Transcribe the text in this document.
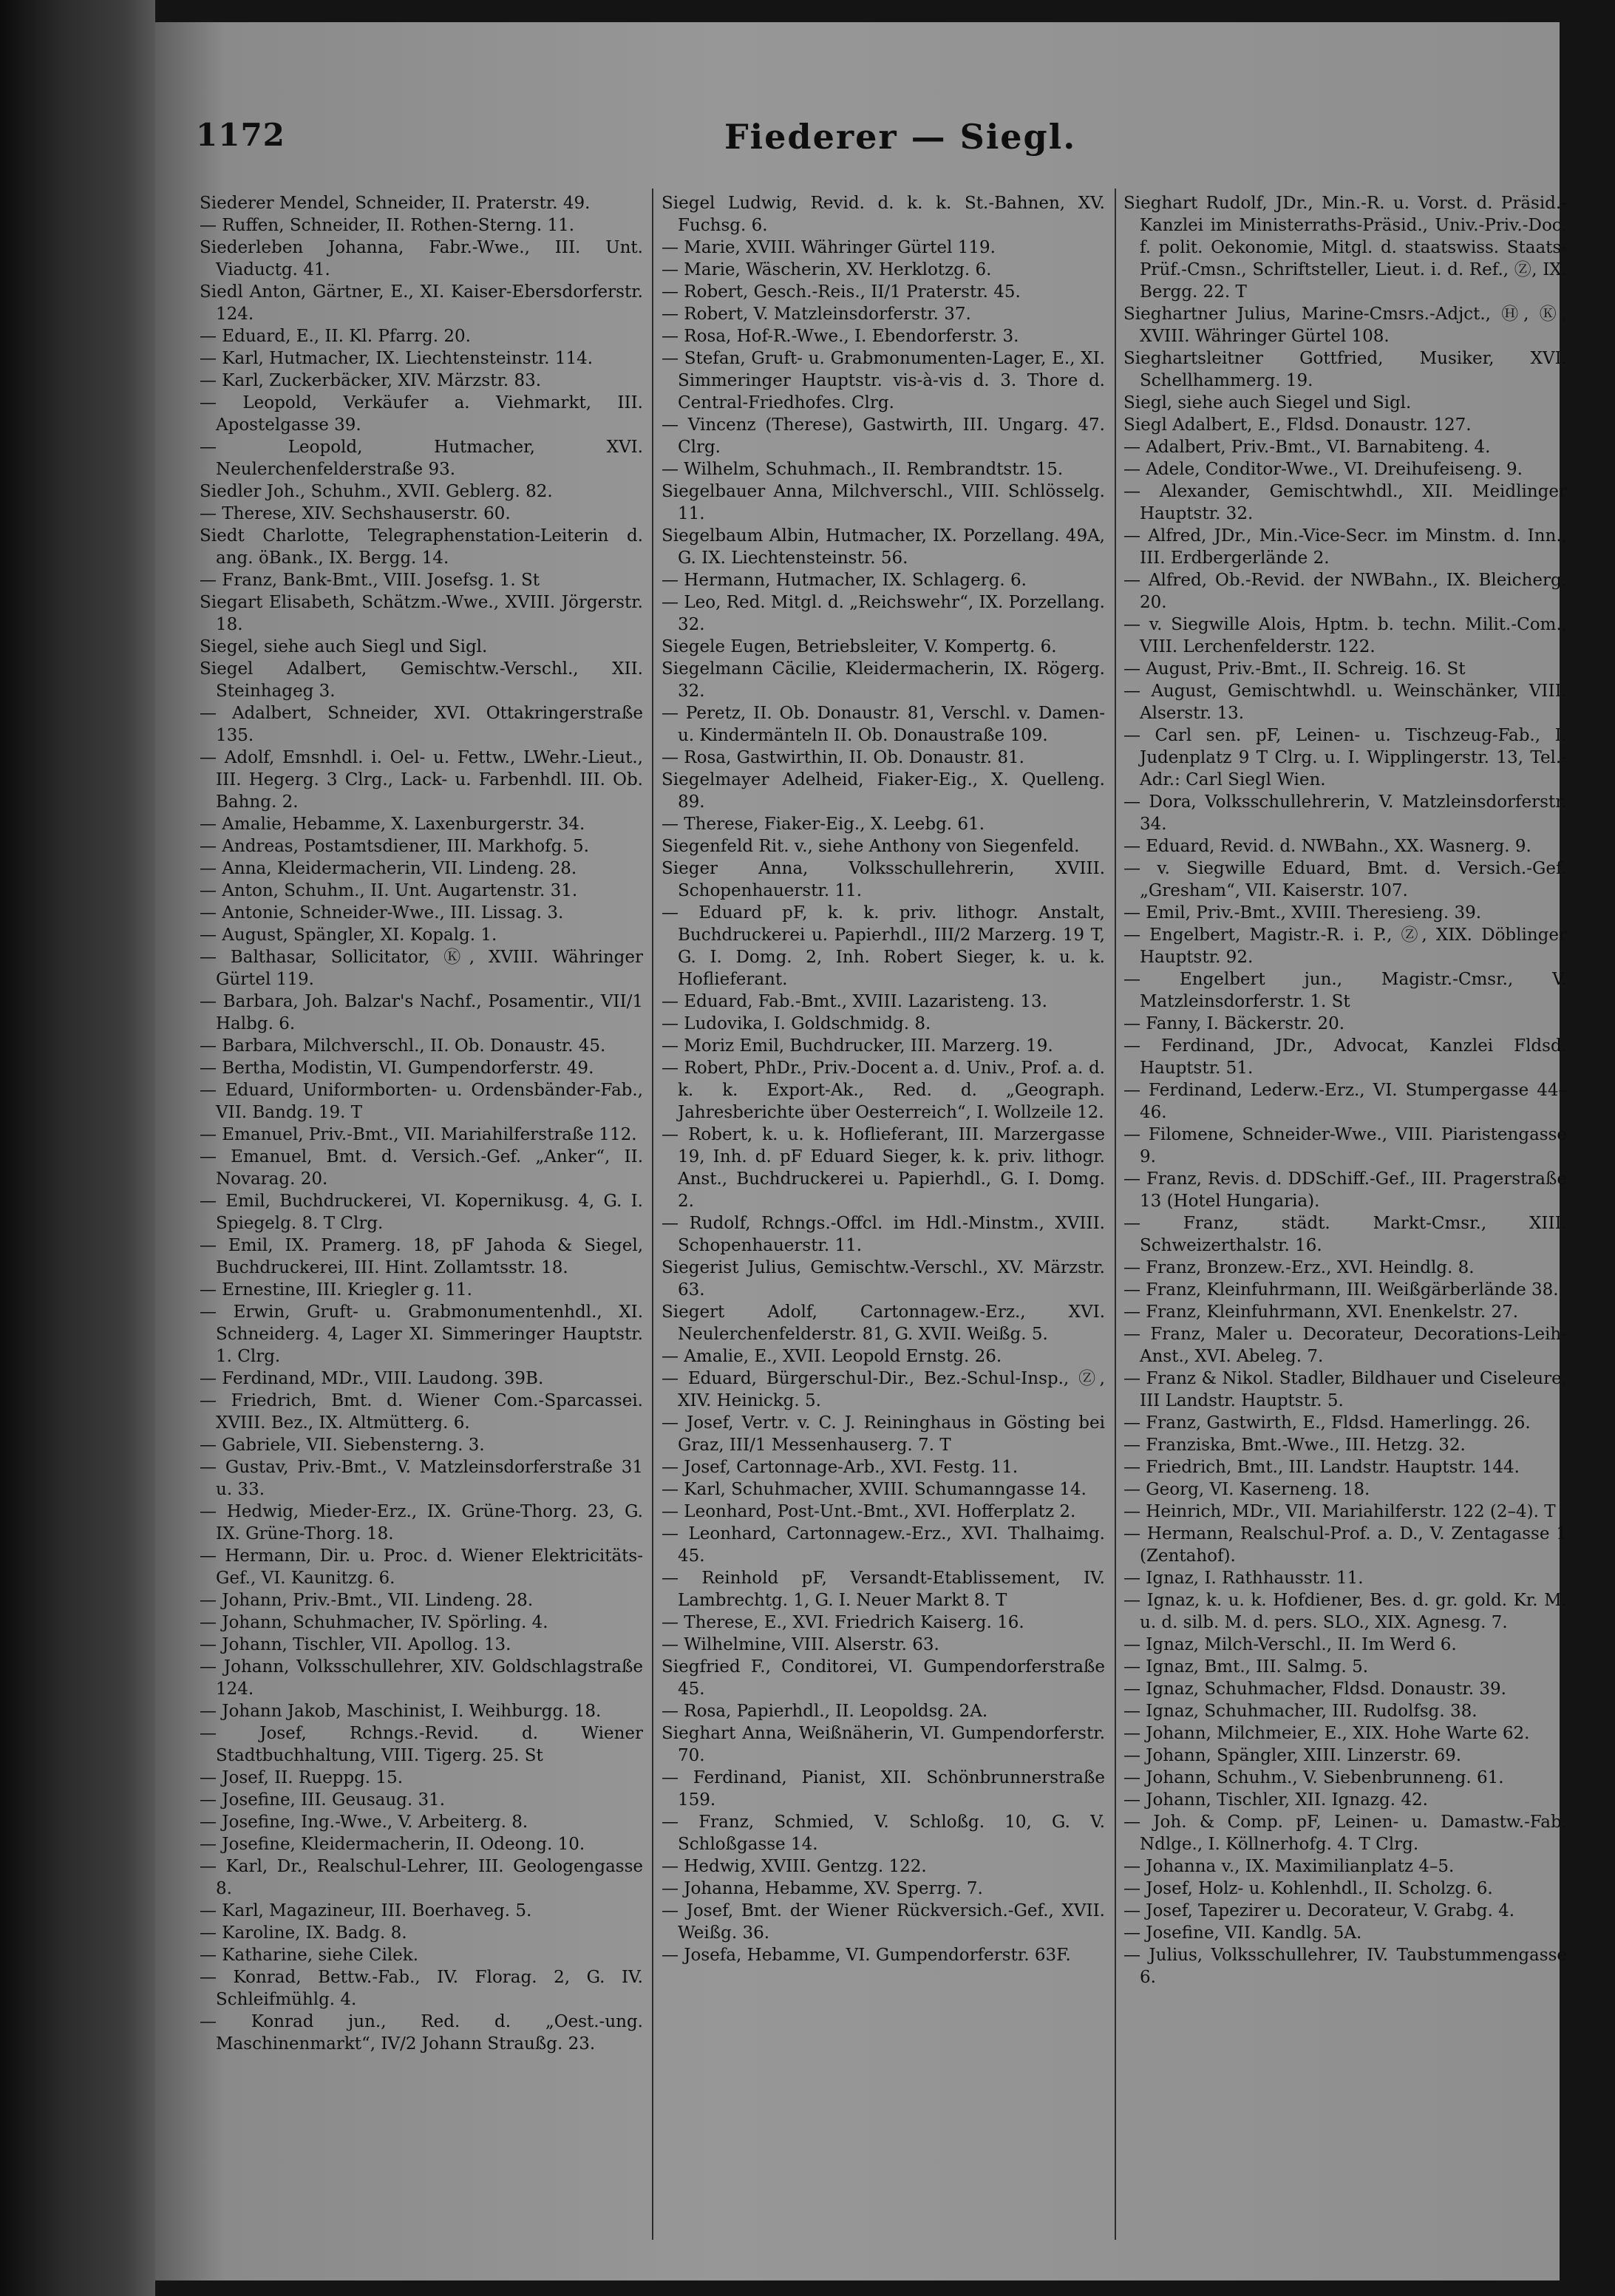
1172	Fiederer — Siegl.
Siederer Mendel, Schneider, II. Praterstr. 49.
— Ruffen, Schneider, II. Rothen-Sterng. 11.
Siederleben Johanna, Fabr.-Wwe., III. Unt. Viaductg. 41.
Siedl Anton, Gärtner, E., XI. Kaiser-Ebersdorferstr. 124.
— Eduard, E., II. Kl. Pfarrg. 20.
— Karl, Hutmacher, IX. Liechtensteinstr. 114.
— Karl, Zuckerbäcker, XIV. Märzstr. 83.
— Leopold, Verkäufer a. Viehmarkt, III. Apostelgasse 39.
— Leopold, Hutmacher, XVI. Neulerchenfelderstraße 93.
Siedler Joh., Schuhm., XVII. Geblerg. 82.
— Therese, XIV. Sechshauserstr. 60.
Siedt Charlotte, Telegraphenstation-Leiterin d. ang. öBank., IX. Bergg. 14.
— Franz, Bank-Bmt., VIII. Josefsg. 1. St
Siegart Elisabeth, Schätzm.-Wwe., XVIII. Jörgerstr. 18.
Siegel, siehe auch Siegl und Sigl.
Siegel Adalbert, Gemischtw.-Verschl., XII. Steinhageg 3.
— Adalbert, Schneider, XVI. Ottakringerstraße 135.
— Adolf, Emsnhdl. i. Oel- u. Fettw., LWehr.-Lieut., III. Hegerg. 3 Clrg., Lack- u. Farbenhdl. III. Ob. Bahng. 2.
— Amalie, Hebamme, X. Laxenburgerstr. 34.
— Andreas, Postamtsdiener, III. Markhofg. 5.
— Anna, Kleidermacherin, VII. Lindeng. 28.
— Anton, Schuhm., II. Unt. Augartenstr. 31.
— Antonie, Schneider-Wwe., III. Lissag. 3.
— August, Spängler, XI. Kopalg. 1.
— Balthasar, Sollicitator, Ⓚ, XVIII. Währinger Gürtel 119.
— Barbara, Joh. Balzar's Nachf., Posamentir., VII/1 Halbg. 6.
— Barbara, Milchverschl., II. Ob. Donaustr. 45.
— Bertha, Modistin, VI. Gumpendorferstr. 49.
— Eduard, Uniformborten- u. Ordensbänder-Fab., VII. Bandg. 19. T
— Emanuel, Priv.-Bmt., VII. Mariahilferstraße 112.
— Emanuel, Bmt. d. Versich.-Gef. „Anker“, II. Novarag. 20.
— Emil, Buchdruckerei, VI. Kopernikusg. 4, G. I. Spiegelg. 8. T Clrg.
— Emil, IX. Pramerg. 18, pF Jahoda & Siegel, Buchdruckerei, III. Hint. Zollamtsstr. 18.
— Ernestine, III. Kriegler g. 11.
— Erwin, Gruft- u. Grabmonumentenhdl., XI. Schneiderg. 4, Lager XI. Simmeringer Hauptstr. 1. Clrg.
— Ferdinand, MDr., VIII. Laudong. 39B.
— Friedrich, Bmt. d. Wiener Com.-Sparcassei. XVIII. Bez., IX. Altmütterg. 6.
— Gabriele, VII. Siebensterng. 3.
— Gustav, Priv.-Bmt., V. Matzleinsdorferstraße 31 u. 33.
— Hedwig, Mieder-Erz., IX. Grüne-Thorg. 23, G. IX. Grüne-Thorg. 18.
— Hermann, Dir. u. Proc. d. Wiener Elektricitäts-Gef., VI. Kaunitzg. 6.
— Johann, Priv.-Bmt., VII. Lindeng. 28.
— Johann, Schuhmacher, IV. Spörling. 4.
— Johann, Tischler, VII. Apollog. 13.
— Johann, Volksschullehrer, XIV. Goldschlagstraße 124.
— Johann Jakob, Maschinist, I. Weihburgg. 18.
— Josef, Rchngs.-Revid. d. Wiener Stadtbuchhaltung, VIII. Tigerg. 25. St
— Josef, II. Rueppg. 15.
— Josefine, III. Geusaug. 31.
— Josefine, Ing.-Wwe., V. Arbeiterg. 8.
— Josefine, Kleidermacherin, II. Odeong. 10.
— Karl, Dr., Realschul-Lehrer, III. Geologengasse 8.
— Karl, Magazineur, III. Boerhaveg. 5.
— Karoline, IX. Badg. 8.
— Katharine, siehe Cilek.
— Konrad, Bettw.-Fab., IV. Florag. 2, G. IV. Schleifmühlg. 4.
— Konrad jun., Red. d. „Oest.-ung. Maschinenmarkt“, IV/2 Johann Straußg. 23.
Siegel Ludwig, Revid. d. k. k. St.-Bahnen, XV. Fuchsg. 6.
— Marie, XVIII. Währinger Gürtel 119.
— Marie, Wäscherin, XV. Herklotzg. 6.
— Robert, Gesch.-Reis., II/1 Praterstr. 45.
— Robert, V. Matzleinsdorferstr. 37.
— Rosa, Hof-R.-Wwe., I. Ebendorferstr. 3.
— Stefan, Gruft- u. Grabmonumenten-Lager, E., XI. Simmeringer Hauptstr. vis-à-vis d. 3. Thore d. Central-Friedhofes. Clrg.
— Vincenz (Therese), Gastwirth, III. Ungarg. 47. Clrg.
— Wilhelm, Schuhmach., II. Rembrandtstr. 15.
Siegelbauer Anna, Milchverschl., VIII. Schlösselg. 11.
Siegelbaum Albin, Hutmacher, IX. Porzellang. 49A, G. IX. Liechtensteinstr. 56.
— Hermann, Hutmacher, IX. Schlagerg. 6.
— Leo, Red. Mitgl. d. „Reichswehr“, IX. Porzellang. 32.
Siegele Eugen, Betriebsleiter, V. Kompertg. 6.
Siegelmann Cäcilie, Kleidermacherin, IX. Rögerg. 32.
— Peretz, II. Ob. Donaustr. 81, Verschl. v. Damen- u. Kindermänteln II. Ob. Donaustraße 109.
— Rosa, Gastwirthin, II. Ob. Donaustr. 81.
Siegelmayer Adelheid, Fiaker-Eig., X. Quelleng. 89.
— Therese, Fiaker-Eig., X. Leebg. 61.
Siegenfeld Rit. v., siehe Anthony von Siegenfeld.
Sieger Anna, Volksschullehrerin, XVIII. Schopenhauerstr. 11.
— Eduard pF, k. k. priv. lithogr. Anstalt, Buchdruckerei u. Papierhdl., III/2 Marzerg. 19 T, G. I. Domg. 2, Inh. Robert Sieger, k. u. k. Hoflieferant.
— Eduard, Fab.-Bmt., XVIII. Lazaristeng. 13.
— Ludovika, I. Goldschmidg. 8.
— Moriz Emil, Buchdrucker, III. Marzerg. 19.
— Robert, PhDr., Priv.-Docent a. d. Univ., Prof. a. d. k. k. Export-Ak., Red. d. „Geograph. Jahresberichte über Oesterreich“, I. Wollzeile 12.
— Robert, k. u. k. Hoflieferant, III. Marzergasse 19, Inh. d. pF Eduard Sieger, k. k. priv. lithogr. Anst., Buchdruckerei u. Papierhdl., G. I. Domg. 2.
— Rudolf, Rchngs.-Offcl. im Hdl.-Minstm., XVIII. Schopenhauerstr. 11.
Siegerist Julius, Gemischtw.-Verschl., XV. Märzstr. 63.
Siegert Adolf, Cartonnagew.-Erz., XVI. Neulerchenfelderstr. 81, G. XVII. Weißg. 5.
— Amalie, E., XVII. Leopold Ernstg. 26.
— Eduard, Bürgerschul-Dir., Bez.-Schul-Insp., Ⓩ, XIV. Heinickg. 5.
— Josef, Vertr. v. C. J. Reininghaus in Gösting bei Graz, III/1 Messenhauserg. 7. T
— Josef, Cartonnage-Arb., XVI. Festg. 11.
— Karl, Schuhmacher, XVIII. Schumanngasse 14.
— Leonhard, Post-Unt.-Bmt., XVI. Hofferplatz 2.
— Leonhard, Cartonnagew.-Erz., XVI. Thalhaimg. 45.
— Reinhold pF, Versandt-Etablissement, IV. Lambrechtg. 1, G. I. Neuer Markt 8. T
— Therese, E., XVI. Friedrich Kaiserg. 16.
— Wilhelmine, VIII. Alserstr. 63.
Siegfried F., Conditorei, VI. Gumpendorferstraße 45.
— Rosa, Papierhdl., II. Leopoldsg. 2A.
Sieghart Anna, Weißnäherin, VI. Gumpendorferstr. 70.
— Ferdinand, Pianist, XII. Schönbrunnerstraße 159.
— Franz, Schmied, V. Schloßg. 10, G. V. Schloßgasse 14.
— Hedwig, XVIII. Gentzg. 122.
— Johanna, Hebamme, XV. Sperrg. 7.
— Josef, Bmt. der Wiener Rückversich.-Gef., XVII. Weißg. 36.
— Josefa, Hebamme, VI. Gumpendorferstr. 63F.
Sieghart Rudolf, JDr., Min.-R. u. Vorst. d. Präsid.-Kanzlei im Ministerraths-Präsid., Univ.-Priv.-Doc. f. polit. Oekonomie, Mitgl. d. staatswiss. Staats-Prüf.-Cmsn., Schriftsteller, Lieut. i. d. Ref., Ⓩ, IX. Bergg. 22. T
Sieghartner Julius, Marine-Cmsrs.-Adjct., Ⓗ, Ⓚ, XVIII. Währinger Gürtel 108.
Sieghartsleitner Gottfried, Musiker, XVI. Schellhammerg. 19.
Siegl, siehe auch Siegel und Sigl.
Siegl Adalbert, E., Fldsd. Donaustr. 127.
— Adalbert, Priv.-Bmt., VI. Barnabiteng. 4.
— Adele, Conditor-Wwe., VI. Dreihufeiseng. 9.
— Alexander, Gemischtwhdl., XII. Meidlinger Hauptstr. 32.
— Alfred, JDr., Min.-Vice-Secr. im Minstm. d. Inn., III. Erdbergerlände 2.
— Alfred, Ob.-Revid. der NWBahn., IX. Bleicherg. 20.
— v. Siegwille Alois, Hptm. b. techn. Milit.-Com., VIII. Lerchenfelderstr. 122.
— August, Priv.-Bmt., II. Schreig. 16. St
— August, Gemischtwhdl. u. Weinschänker, VIII. Alserstr. 13.
— Carl sen. pF, Leinen- u. Tischzeug-Fab., I. Judenplatz 9 T Clrg. u. I. Wipplingerstr. 13, Tel.-Adr.: Carl Siegl Wien.
— Dora, Volksschullehrerin, V. Matzleinsdorferstr. 34.
— Eduard, Revid. d. NWBahn., XX. Wasnerg. 9.
— v. Siegwille Eduard, Bmt. d. Versich.-Gef. „Gresham“, VII. Kaiserstr. 107.
— Emil, Priv.-Bmt., XVIII. Theresieng. 39.
— Engelbert, Magistr.-R. i. P., Ⓩ, XIX. Döblinger Hauptstr. 92.
— Engelbert jun., Magistr.-Cmsr., V. Matzleinsdorferstr. 1. St
— Fanny, I. Bäckerstr. 20.
— Ferdinand, JDr., Advocat, Kanzlei Fldsd. Hauptstr. 51.
— Ferdinand, Lederw.-Erz., VI. Stumpergasse 44–46.
— Filomene, Schneider-Wwe., VIII. Piaristengasse 9.
— Franz, Revis. d. DDSchiff.-Gef., III. Pragerstraße 13 (Hotel Hungaria).
— Franz, städt. Markt-Cmsr., XIII. Schweizerthalstr. 16.
— Franz, Bronzew.-Erz., XVI. Heindlg. 8.
— Franz, Kleinfuhrmann, III. Weißgärberlände 38.
— Franz, Kleinfuhrmann, XVI. Enenkelstr. 27.
— Franz, Maler u. Decorateur, Decorations-Leih-Anst., XVI. Abeleg. 7.
— Franz & Nikol. Stadler, Bildhauer und Ciseleure, III Landstr. Hauptstr. 5.
— Franz, Gastwirth, E., Fldsd. Hamerlingg. 26.
— Franziska, Bmt.-Wwe., III. Hetzg. 32.
— Friedrich, Bmt., III. Landstr. Hauptstr. 144.
— Georg, VI. Kaserneng. 18.
— Heinrich, MDr., VII. Mariahilferstr. 122 (2–4). T
— Hermann, Realschul-Prof. a. D., V. Zentagasse 1 (Zentahof).
— Ignaz, I. Rathhausstr. 11.
— Ignaz, k. u. k. Hofdiener, Bes. d. gr. gold. Kr. M. u. d. silb. M. d. pers. SLO., XIX. Agnesg. 7.
— Ignaz, Milch-Verschl., II. Im Werd 6.
— Ignaz, Bmt., III. Salmg. 5.
— Ignaz, Schuhmacher, Fldsd. Donaustr. 39.
— Ignaz, Schuhmacher, III. Rudolfsg. 38.
— Johann, Milchmeier, E., XIX. Hohe Warte 62.
— Johann, Spängler, XIII. Linzerstr. 69.
— Johann, Schuhm., V. Siebenbrunneng. 61.
— Johann, Tischler, XII. Ignazg. 42.
— Joh. & Comp. pF, Leinen- u. Damastw.-Fab. Ndlge., I. Köllnerhofg. 4. T Clrg.
— Johanna v., IX. Maximilianplatz 4–5.
— Josef, Holz- u. Kohlenhdl., II. Scholzg. 6.
— Josef, Tapezirer u. Decorateur, V. Grabg. 4.
— Josefine, VII. Kandlg. 5A.
— Julius, Volksschullehrer, IV. Taubstummengasse 6.
